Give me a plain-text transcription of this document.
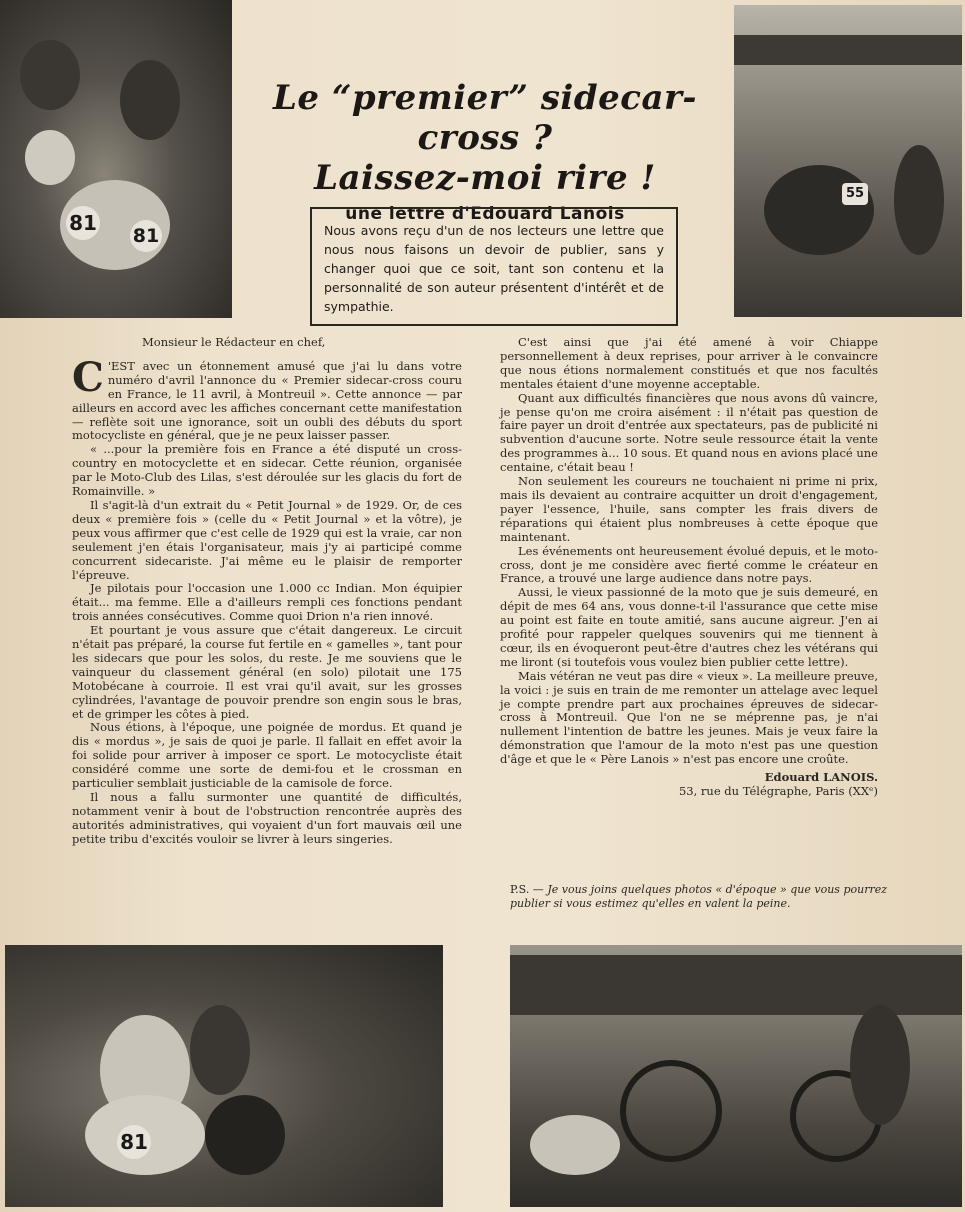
81
81
55
Le “premier” sidecar-cross ?
Laissez-moi rire !
une lettre d'Edouard Lanois
Nous avons reçu d'un de nos lecteurs une lettre que nous nous faisons un devoir de publier, sans y changer quoi que ce soit, tant son contenu et la personnalité de son auteur présentent d'intérêt et de sympathie.

Monsieur le Rédacteur en chef,

C 'EST avec un étonnement amusé que j'ai lu dans votre numéro d'avril l'annonce du « Premier sidecar-cross couru en France, le 11 avril, à Montreuil ». Cette annonce — par ailleurs en accord avec les affiches concernant cette manifestation — reflète soit une ignorance, soit un oubli des débuts du sport motocycliste en général, que je ne peux laisser passer.

« ...pour la première fois en France a été disputé un cross-country en motocyclette et en sidecar. Cette réunion, organisée par le Moto-Club des Lilas, s'est déroulée sur les glacis du fort de Romainville. »

Il s'agit-là d'un extrait du « Petit Journal » de 1929. Or, de ces deux « première fois » (celle du « Petit Journal » et la vôtre), je peux vous affirmer que c'est celle de 1929 qui est la vraie, car non seulement j'en étais l'organisateur, mais j'y ai participé comme concurrent sidecariste. J'ai même eu le plaisir de remporter l'épreuve.

Je pilotais pour l'occasion une 1.000 cc Indian. Mon équipier était... ma femme. Elle a d'ailleurs rempli ces fonctions pendant trois années consécutives. Comme quoi Drion n'a rien innové.

Et pourtant je vous assure que c'était dangereux. Le circuit n'était pas préparé, la course fut fertile en « gamelles », tant pour les sidecars que pour les solos, du reste. Je me souviens que le vainqueur du classement général (en solo) pilotait une 175 Motobécane à courroie. Il est vrai qu'il avait, sur les grosses cylindrées, l'avantage de pouvoir prendre son engin sous le bras, et de grimper les côtes à pied.

Nous étions, à l'époque, une poignée de mordus. Et quand je dis « mordus », je sais de quoi je parle. Il fallait en effet avoir la foi solide pour arriver à imposer ce sport. Le motocycliste était considéré comme une sorte de demi-fou et le crossman en particulier semblait justiciable de la camisole de force.

Il nous a fallu surmonter une quantité de difficultés, notamment venir à bout de l'obstruction rencontrée auprès des autorités administratives, qui voyaient d'un fort mauvais œil une petite tribu d'excités vouloir se livrer à leurs singeries.

C'est ainsi que j'ai été amené à voir Chiappe personnellement à deux reprises, pour arriver à le convaincre que nous étions normalement constitués et que nos facultés mentales étaient d'une moyenne acceptable.

Quant aux difficultés financières que nous avons dû vaincre, je pense qu'on me croira aisément : il n'était pas question de faire payer un droit d'entrée aux spectateurs, pas de publicité ni subvention d'aucune sorte. Notre seule ressource était la vente des programmes à... 10 sous. Et quand nous en avions placé une centaine, c'était beau !

Non seulement les coureurs ne touchaient ni prime ni prix, mais ils devaient au contraire acquitter un droit d'engagement, payer l'essence, l'huile, sans compter les frais divers de réparations qui étaient plus nombreuses à cette époque que maintenant.

Les événements ont heureusement évolué depuis, et le moto-cross, dont je me considère avec fierté comme le créateur en France, a trouvé une large audience dans notre pays.

Aussi, le vieux passionné de la moto que je suis demeuré, en dépit de mes 64 ans, vous donne-t-il l'assurance que cette mise au point est faite en toute amitié, sans aucune aigreur. J'en ai profité pour rappeler quelques souvenirs qui me tiennent à cœur, ils en évoqueront peut-être d'autres chez les vétérans qui me liront (si toutefois vous voulez bien publier cette lettre).

Mais vétéran ne veut pas dire « vieux ». La meilleure preuve, la voici : je suis en train de me remonter un attelage avec lequel je compte prendre part aux prochaines épreuves de sidecar-cross à Montreuil. Que l'on ne se méprenne pas, je n'ai nullement l'intention de battre les jeunes. Mais je veux faire la démonstration que l'amour de la moto n'est pas une question d'âge et que le « Père Lanois » n'est pas encore une croûte.

Edouard LANOIS.

53, rue du Télégraphe, Paris (XXᵉ)

P.S. — Je vous joins quelques photos « d'époque » que vous pourrez publier si vous estimez qu'elles en valent la peine.
81
